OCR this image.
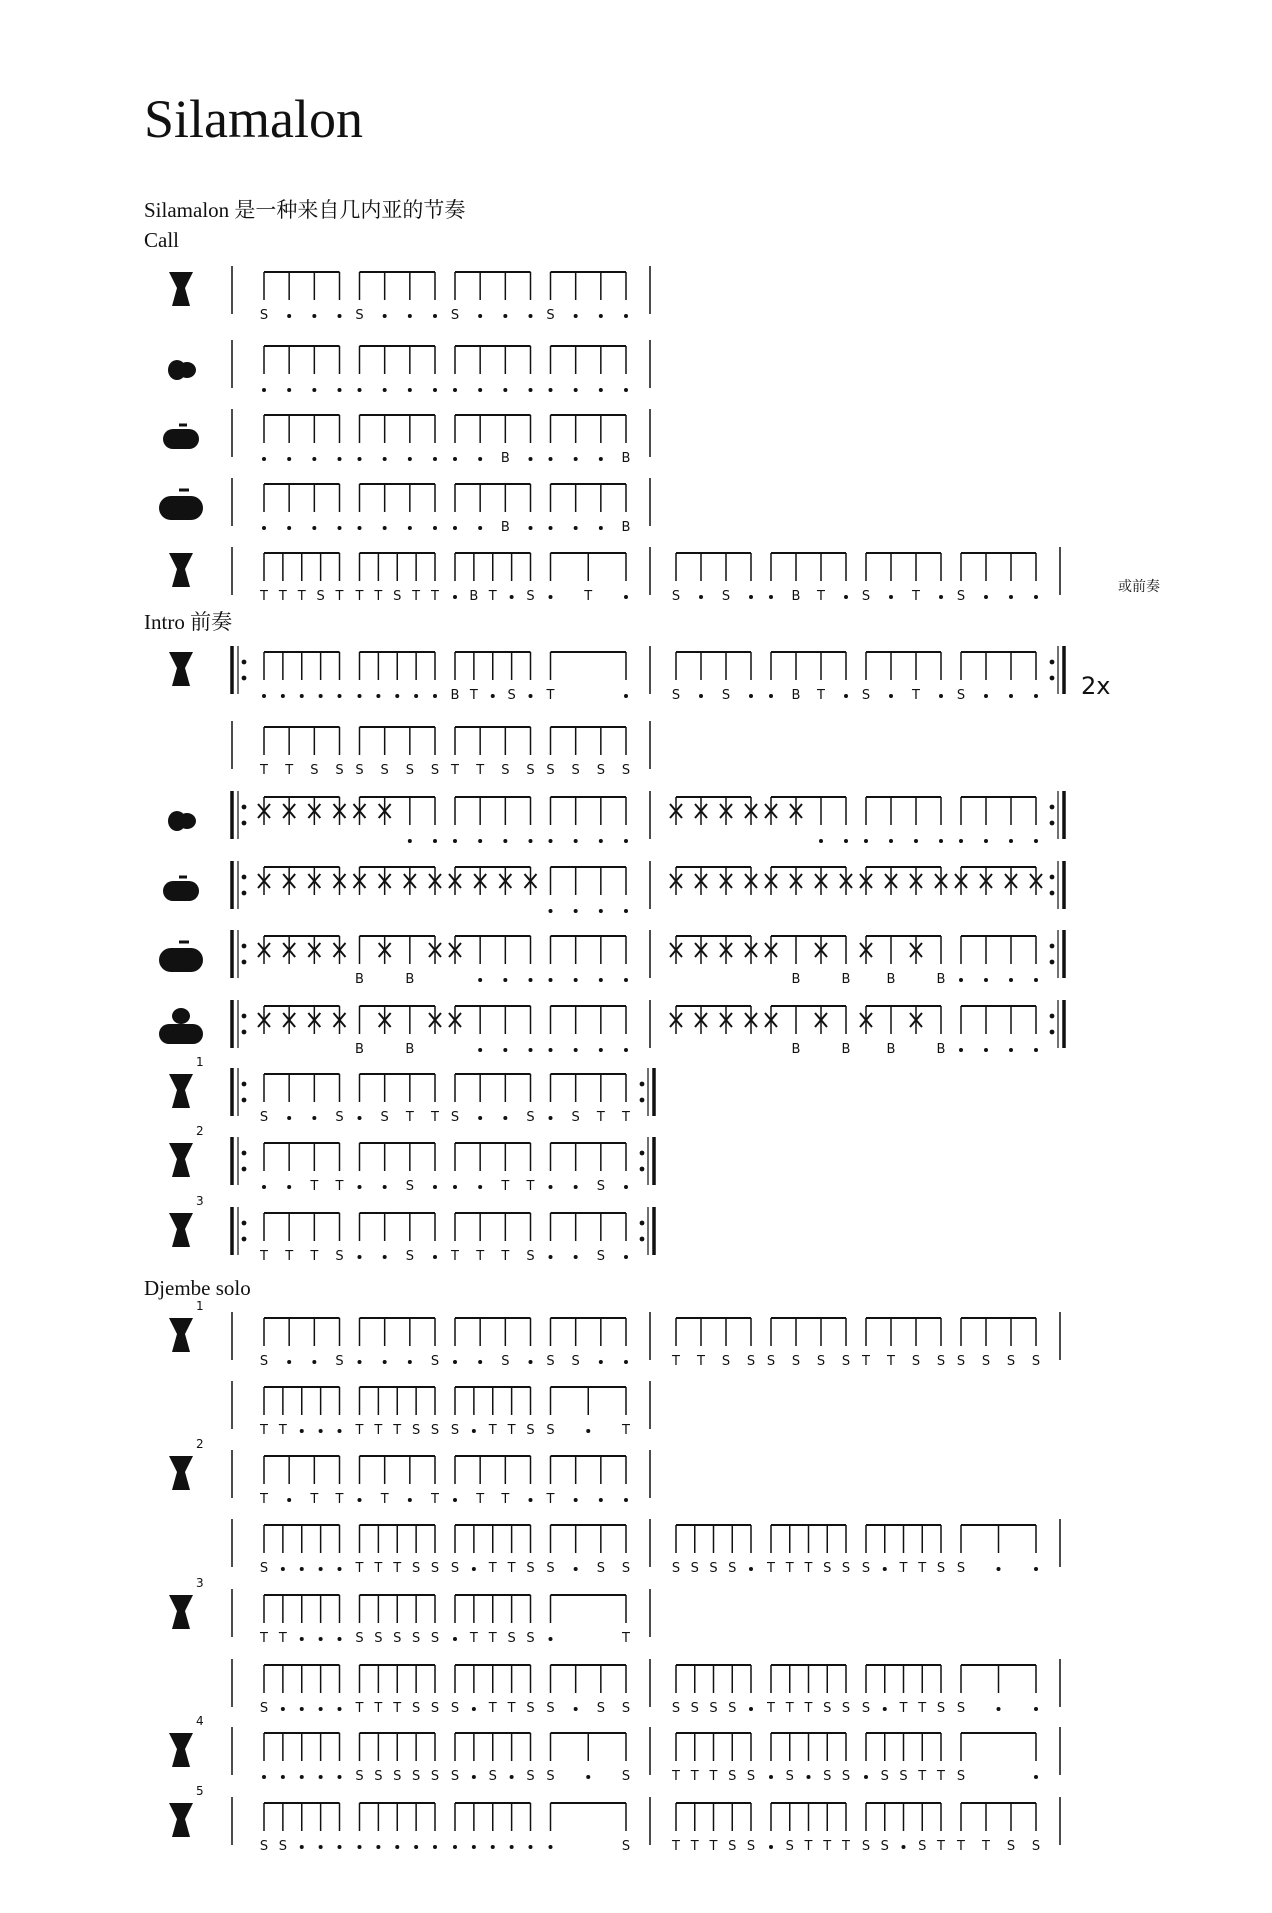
Silamalon
Silamalon 是一种来自几内亚的节奏
Call
Intro 前奏
Djembe solo
或前奏
2x
S	S	S	S
B	B
B	B
T T T S T T T S T T B T S	T	S	S	B T	S	T	S
B T S T	S	S	B T	S	T	S
T T S S S S S S T T S S S S S S
B	B	B	B	B	B
B	B	B	B	B	B
1
S	S	S T T S	S	S T T
2
T T	S	T T	S
3
T T T S	S	T T T S	S
1
S	S	S	S	S S	T T S S S S S S T T S S S S S S
T T	T T T S S S T T S S	T
2
T	T T	T	T	T T	T
S	T T T S S S T T S S	S S	S S S S T T T S S S T T S S
3
T T	S S S S S T T S S	T
S	T T T S S S T T S S	S S	S S S S T T T S S S T T S S
4
S S S S S S S S S	S	T T T S S S S S S S T T S
5
S S	S	T T T S S S T T T S S S T T T S S
